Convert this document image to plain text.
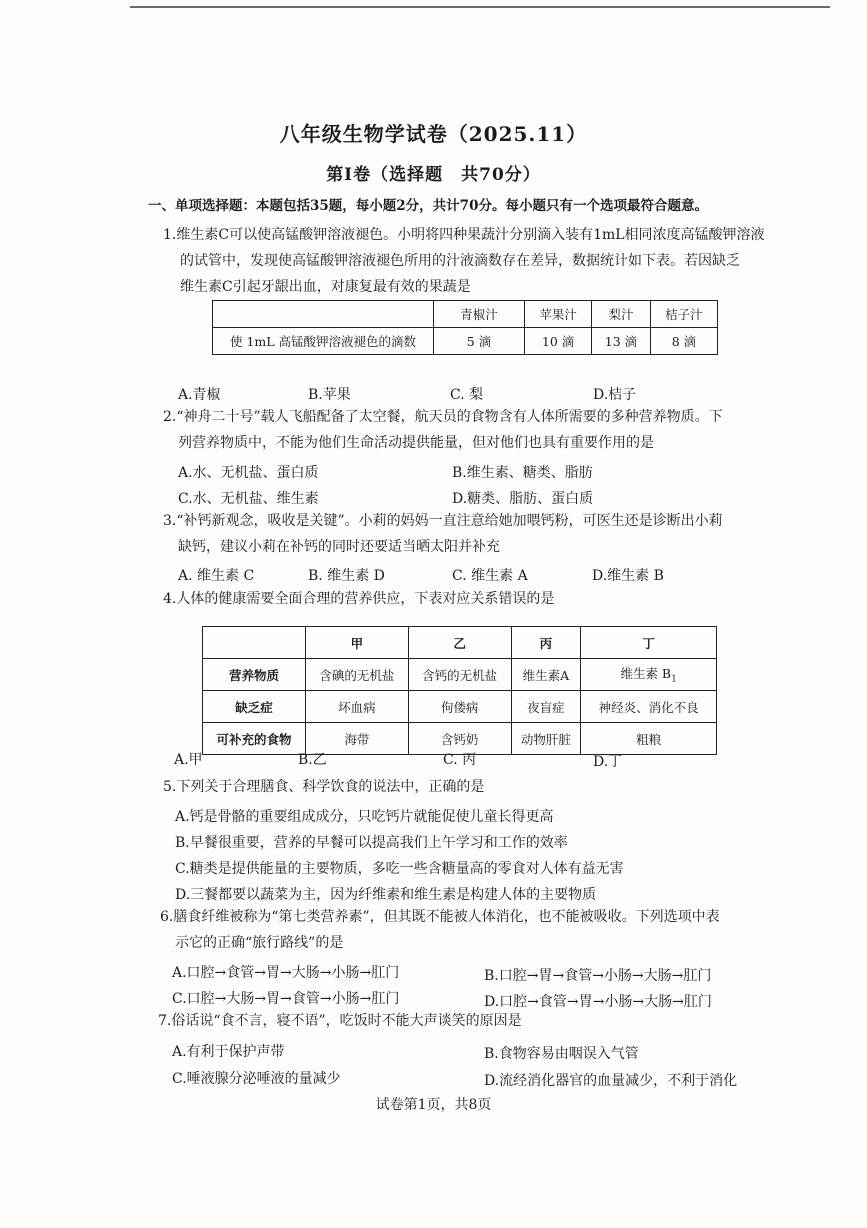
八年级生物学试卷（2025.11）
第Ⅰ卷（选择题　共70分）
一、单项选择题：本题包括35题，每小题2分，共计70分。每小题只有一个选项最符合题意。
1.维生素C可以使高锰酸钾溶液褪色。小明将四种果蔬汁分别滴入装有1mL相同浓度高锰酸钾溶液
的试管中，发现使高锰酸钾溶液褪色所用的汁液滴数存在差异，数据统计如下表。若因缺乏
维生素C引起牙龈出血，对康复最有效的果蔬是
	青椒汁	苹果汁	梨汁	桔子汁
使 1mL 高锰酸钾溶液褪色的滴数	5 滴	10 滴	13 滴	8 滴
A.青椒	B.苹果	C. 梨	D.桔子
2.“神舟二十号”载人飞船配备了太空餐，航天员的食物含有人体所需要的多种营养物质。下
列营养物质中，不能为他们生命活动提供能量，但对他们也具有重要作用的是
A.水、无机盐、蛋白质	B.维生素、糖类、脂肪
C.水、无机盐、维生素	D.糖类、脂肪、蛋白质
3.“补钙新观念，吸收是关键”。小莉的妈妈一直注意给她加喂钙粉，可医生还是诊断出小莉
缺钙，建议小莉在补钙的同时还要适当晒太阳并补充
A. 维生素 C	B. 维生素 D	C. 维生素 A	D.维生素 B
4.人体的健康需要全面合理的营养供应，下表对应关系错误的是
	甲	乙	丙	丁
营养物质	含碘的无机盐	含钙的无机盐	维生素A	维生素 $B_1$
缺乏症	坏血病	佝偻病	夜盲症	神经炎、消化不良
可补充的食物	海带	含钙奶	动物肝脏	粗粮
A.甲	B.乙	C. 丙	D.丁
5.下列关于合理膳食、科学饮食的说法中，正确的是
A.钙是骨骼的重要组成成分，只吃钙片就能促使儿童长得更高
B.早餐很重要，营养的早餐可以提高我们上午学习和工作的效率
C.糖类是提供能量的主要物质，多吃一些含糖量高的零食对人体有益无害
D.三餐都要以蔬菜为主，因为纤维素和维生素是构建人体的主要物质
6.膳食纤维被称为“第七类营养素”，但其既不能被人体消化，也不能被吸收。下列选项中表
示它的正确“旅行路线”的是
A.口腔→食管→胃→大肠→小肠→肛门	B.口腔→胃→食管→小肠→大肠→肛门
C.口腔→大肠→胃→食管→小肠→肛门	D.口腔→食管→胃→小肠→大肠→肛门
7.俗话说“食不言，寝不语”，吃饭时不能大声谈笑的原因是
A.有利于保护声带	B.食物容易由咽误入气管
C.唾液腺分泌唾液的量减少	D.流经消化器官的血量减少，不利于消化
试卷第1页，共8页
